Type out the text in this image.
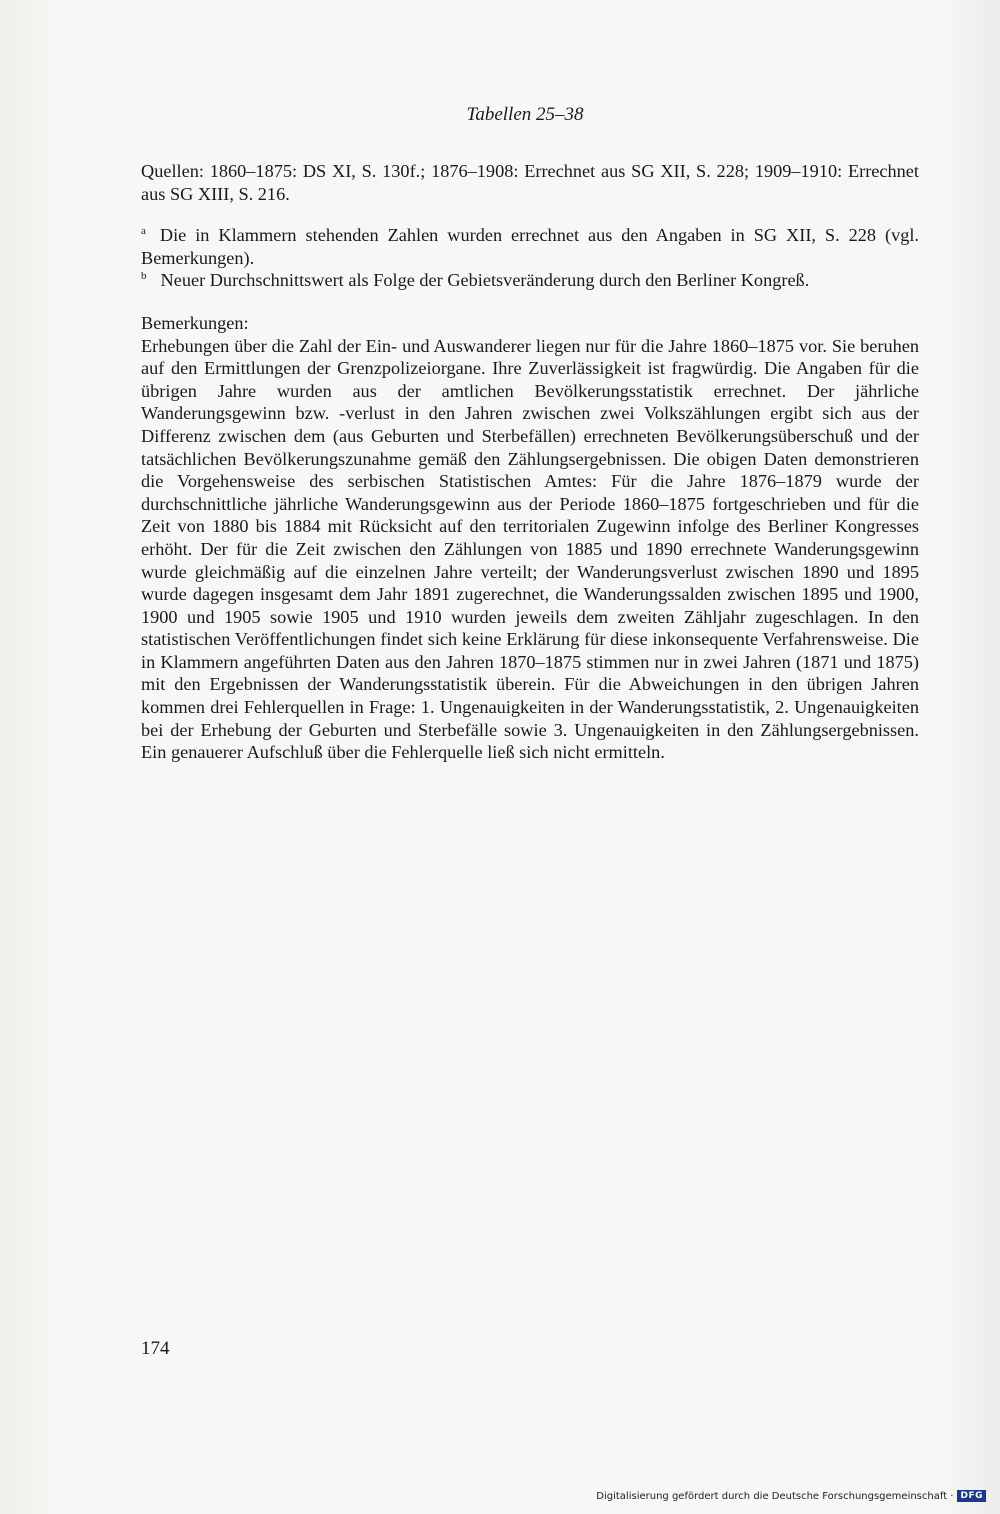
Tabellen 25–38

Quellen: 1860–1875: DS XI, S. 130f.; 1876–1908: Errechnet aus SG XII, S. 228; 1909–1910: Errechnet aus SG XIII, S. 216.

$^a$ Die in Klammern stehenden Zahlen wurden errechnet aus den Angaben in SG XII, S. 228 (vgl. Bemerkungen).

$^b$ Neuer Durchschnittswert als Folge der Gebietsveränderung durch den Berliner Kongreß.

Bemerkungen:

Erhebungen über die Zahl der Ein- und Auswanderer liegen nur für die Jahre 1860–1875 vor. Sie beruhen auf den Ermittlungen der Grenzpolizeiorgane. Ihre Zuverlässigkeit ist fragwürdig. Die Angaben für die übrigen Jahre wurden aus der amtlichen Bevölkerungsstatistik errechnet. Der jährliche Wanderungsgewinn bzw. -verlust in den Jahren zwischen zwei Volkszählungen ergibt sich aus der Differenz zwischen dem (aus Geburten und Sterbefällen) errechneten Bevölkerungsüberschuß und der tatsächlichen Bevölkerungszunahme gemäß den Zählungsergebnissen. Die obigen Daten demonstrieren die Vorgehensweise des serbischen Statistischen Amtes: Für die Jahre 1876–1879 wurde der durchschnittliche jährliche Wanderungsgewinn aus der Periode 1860–1875 fortgeschrieben und für die Zeit von 1880 bis 1884 mit Rücksicht auf den territorialen Zugewinn infolge des Berliner Kongresses erhöht. Der für die Zeit zwischen den Zählungen von 1885 und 1890 errechnete Wanderungsgewinn wurde gleichmäßig auf die einzelnen Jahre verteilt; der Wanderungsverlust zwischen 1890 und 1895 wurde dagegen insgesamt dem Jahr 1891 zugerechnet, die Wanderungssalden zwischen 1895 und 1900, 1900 und 1905 sowie 1905 und 1910 wurden jeweils dem zweiten Zähljahr zugeschlagen. In den statistischen Veröffentlichungen findet sich keine Erklärung für diese inkonsequente Verfahrensweise. Die in Klammern angeführten Daten aus den Jahren 1870–1875 stimmen nur in zwei Jahren (1871 und 1875) mit den Ergebnissen der Wanderungsstatistik überein. Für die Abweichungen in den übrigen Jahren kommen drei Fehlerquellen in Frage: 1. Ungenauigkeiten in der Wanderungsstatistik, 2. Ungenauigkeiten bei der Erhebung der Geburten und Sterbefälle sowie 3. Ungenauigkeiten in den Zählungsergebnissen. Ein genauerer Aufschluß über die Fehlerquelle ließ sich nicht ermitteln.

174
Digitalisierung gefördert durch die Deutsche Forschungsgemeinschaft · DFG
